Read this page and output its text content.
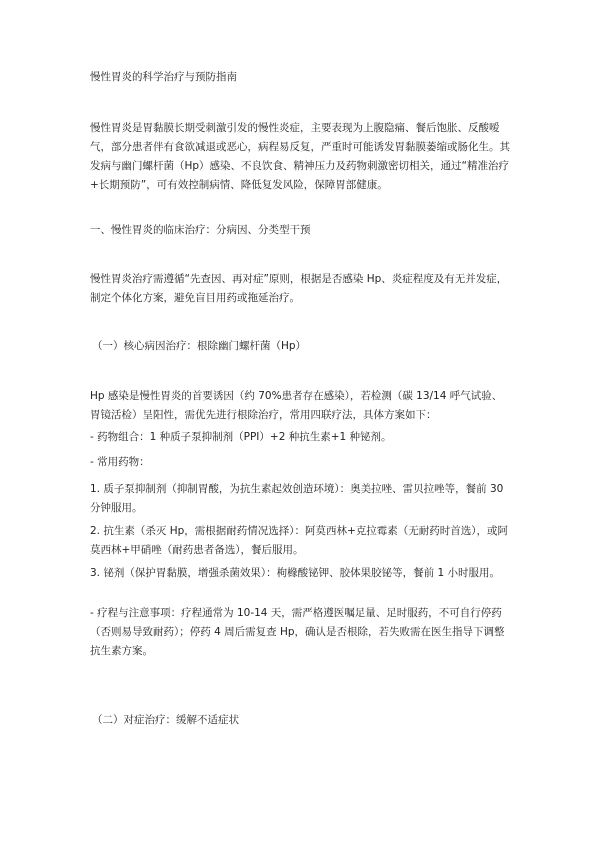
慢性胃炎的科学治疗与预防指南

慢性胃炎是胃黏膜长期受刺激引发的慢性炎症，主要表现为上腹隐痛、餐后饱胀、反酸嗳气，部分患者伴有食欲减退或恶心，病程易反复，严重时可能诱发胃黏膜萎缩或肠化生。其发病与幽门螺杆菌（Hp）感染、不良饮食、精神压力及药物刺激密切相关，通过“精准治疗+长期预防”，可有效控制病情、降低复发风险，保障胃部健康。

一、慢性胃炎的临床治疗：分病因、分类型干预

慢性胃炎治疗需遵循“先查因、再对症”原则，根据是否感染 Hp、炎症程度及有无并发症，制定个体化方案，避免盲目用药或拖延治疗。

（一）核心病因治疗：根除幽门螺杆菌（Hp）

Hp 感染是慢性胃炎的首要诱因（约 70%患者存在感染），若检测（碳 13/14 呼气试验、胃镜活检）呈阳性，需优先进行根除治疗，常用四联疗法，具体方案如下：

- 药物组合：1 种质子泵抑制剂（PPI）+2 种抗生素+1 种铋剂。

- 常用药物：

1. 质子泵抑制剂（抑制胃酸，为抗生素起效创造环境）：奥美拉唑、雷贝拉唑等，餐前 30 分钟服用。

2. 抗生素（杀灭 Hp，需根据耐药情况选择）：阿莫西林+克拉霉素（无耐药时首选），或阿莫西林+甲硝唑（耐药患者备选），餐后服用。

3. 铋剂（保护胃黏膜，增强杀菌效果）：枸橼酸铋钾、胶体果胶铋等，餐前 1 小时服用。

- 疗程与注意事项：疗程通常为 10-14 天，需严格遵医嘱足量、足时服药，不可自行停药（否则易导致耐药）；停药 4 周后需复查 Hp，确认是否根除，若失败需在医生指导下调整抗生素方案。

（二）对症治疗：缓解不适症状
